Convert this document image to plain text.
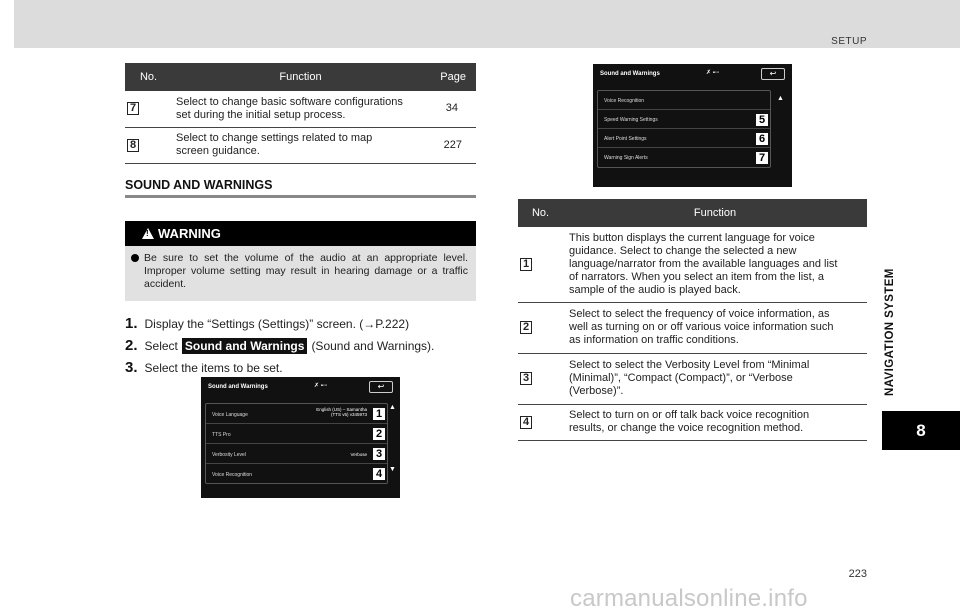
SETUP
NAVIGATION SYSTEM
8
No.	Function	Page
7	Select to change basic software configurations
set during the initial setup process.	34
8	Select to change settings related to map
screen guidance.	227
SOUND AND WARNINGS
!
WARNING
Be sure to set the volume of the audio at an appropriate level. Improper volume setting may result in hearing damage or a traffic accident.
1. Display the “Settings (Settings)” screen. (→P.222)
2. Select Sound and Warnings (Sound and Warnings).
3. Select the items to be set.
Sound and Warnings	✗ ▪◦▫	↩
Voice Language
English (US) – Samantha
(TTS v5) v345973 1
TTS Pro	2
Verbosity Level	Verbose 3
Voice Recognition	4
▲
▼
Sound and Warnings	✗ ▪◦▫	↩
Voice Recognition
Speed Warning Settings	5
Alert Point Settings	6
Warning Sign Alerts	7
▲
No.	Function
1	This button displays the current language for voice
guidance. Select to change the selected a new
language/narrator from the available languages and list
of narrators. When you select an item from the list, a
sample of the audio is played back.

2	Select to select the frequency of voice information, as
well as turning on or off various voice information such
as information on traffic conditions.

3	Select to select the Verbosity Level from “Minimal
(Minimal)”, “Compact (Compact)”, or “Verbose
(Verbose)”.

4	Select to turn on or off talk back voice recognition
results, or change the voice recognition method.
223
carmanualsonline.info
